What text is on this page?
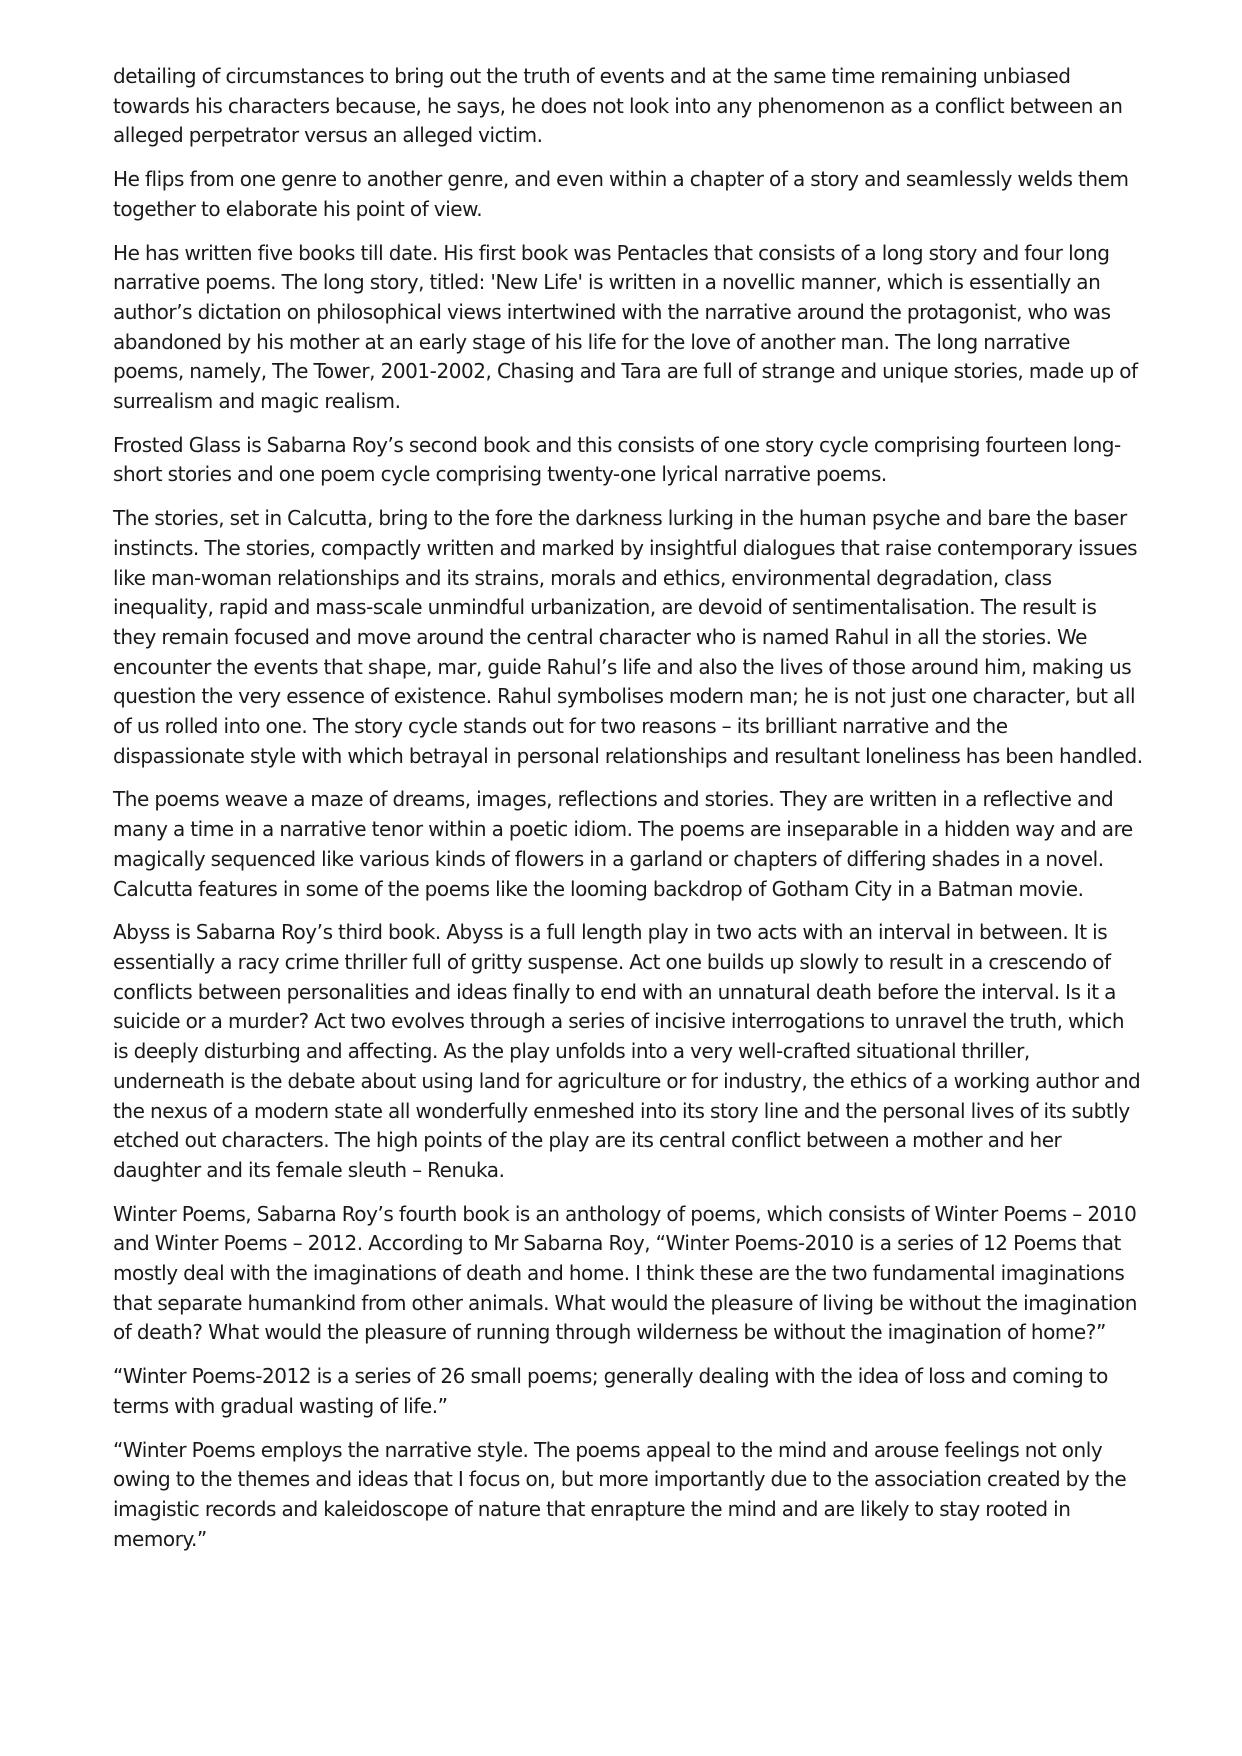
detailing of circumstances to bring out the truth of events and at the same time remaining unbiased towards his characters because, he says, he does not look into any phenomenon as a conflict between an alleged perpetrator versus an alleged victim.

He flips from one genre to another genre, and even within a chapter of a story and seamlessly welds them together to elaborate his point of view.

He has written five books till date. His first book was Pentacles that consists of a long story and four long narrative poems. The long story, titled: 'New Life' is written in a novellic manner, which is essentially an author’s dictation on philosophical views intertwined with the narrative around the protagonist, who was abandoned by his mother at an early stage of his life for the love of another man. The long narrative poems, namely, The Tower, 2001-2002, Chasing and Tara are full of strange and unique stories, made up of surrealism and magic realism.

Frosted Glass is Sabarna Roy’s second book and this consists of one story cycle comprising fourteen long-short stories and one poem cycle comprising twenty-one lyrical narrative poems.

The stories, set in Calcutta, bring to the fore the darkness lurking in the human psyche and bare the baser instincts. The stories, compactly written and marked by insightful dialogues that raise contemporary issues like man-woman relationships and its strains, morals and ethics, environmental degradation, class inequality, rapid and mass-scale unmindful urbanization, are devoid of sentimentalisation. The result is they remain focused and move around the central character who is named Rahul in all the stories. We encounter the events that shape, mar, guide Rahul’s life and also the lives of those around him, making us question the very essence of existence. Rahul symbolises modern man; he is not just one character, but all of us rolled into one. The story cycle stands out for two reasons – its brilliant narrative and the dispassionate style with which betrayal in personal relationships and resultant loneliness has been handled.

The poems weave a maze of dreams, images, reflections and stories. They are written in a reflective and many a time in a narrative tenor within a poetic idiom. The poems are inseparable in a hidden way and are magically sequenced like various kinds of flowers in a garland or chapters of differing shades in a novel. Calcutta features in some of the poems like the looming backdrop of Gotham City in a Batman movie.

Abyss is Sabarna Roy’s third book. Abyss is a full length play in two acts with an interval in between. It is essentially a racy crime thriller full of gritty suspense. Act one builds up slowly to result in a crescendo of conflicts between personalities and ideas finally to end with an unnatural death before the interval. Is it a suicide or a murder? Act two evolves through a series of incisive interrogations to unravel the truth, which is deeply disturbing and affecting. As the play unfolds into a very well-crafted situational thriller, underneath is the debate about using land for agriculture or for industry, the ethics of a working author and the nexus of a modern state all wonderfully enmeshed into its story line and the personal lives of its subtly etched out characters. The high points of the play are its central conflict between a mother and her daughter and its female sleuth – Renuka.

Winter Poems, Sabarna Roy’s fourth book is an anthology of poems, which consists of Winter Poems – 2010 and Winter Poems – 2012. According to Mr Sabarna Roy, “Winter Poems-2010 is a series of 12 Poems that mostly deal with the imaginations of death and home. I think these are the two fundamental imaginations that separate humankind from other animals. What would the pleasure of living be without the imagination of death? What would the pleasure of running through wilderness be without the imagination of home?”

“Winter Poems-2012 is a series of 26 small poems; generally dealing with the idea of loss and coming to terms with gradual wasting of life.”

“Winter Poems employs the narrative style. The poems appeal to the mind and arouse feelings not only owing to the themes and ideas that I focus on, but more importantly due to the association created by the imagistic records and kaleidoscope of nature that enrapture the mind and are likely to stay rooted in memory.”
